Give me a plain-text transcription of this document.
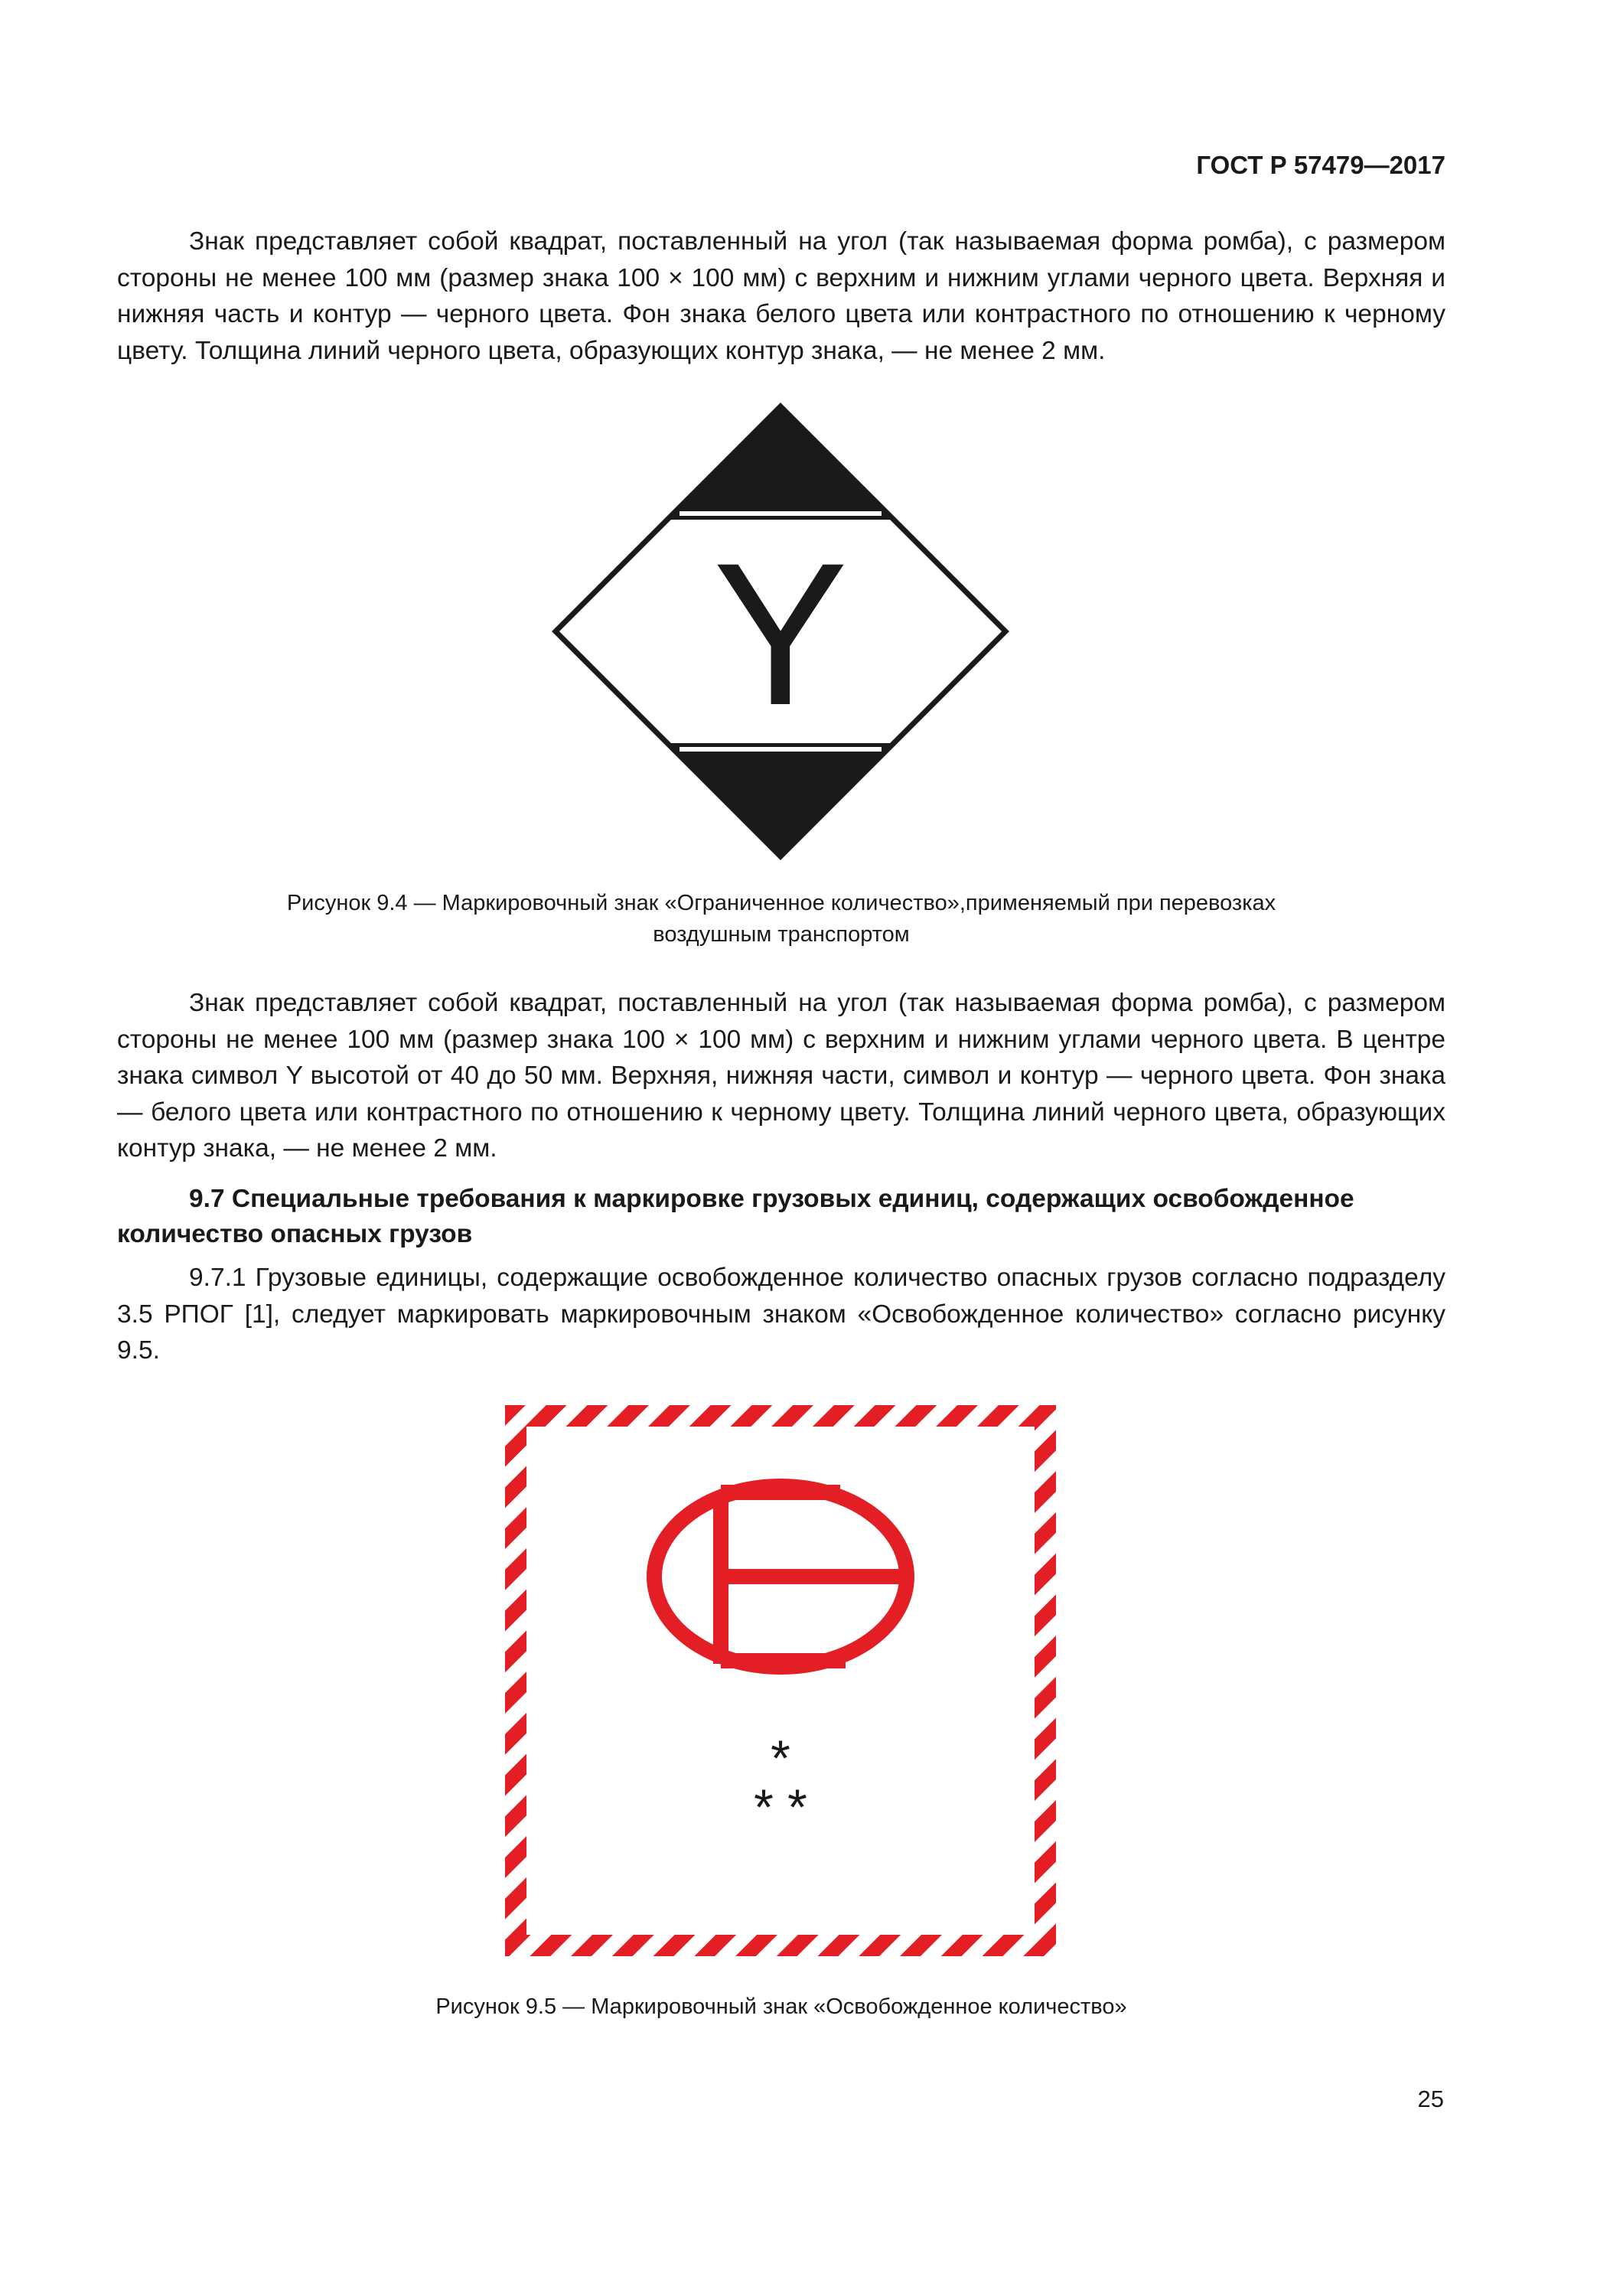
ГОСТ Р 57479—2017

Знак представляет собой квадрат, поставленный на угол (так называемая форма ромба), с размером стороны не менее 100 мм (размер знака 100 × 100 мм) с верхним и нижним углами черного цвета. Верхняя и нижняя часть и контур — черного цвета. Фон знака белого цвета или контрастного по отношению к черному цвету. Толщина линий черного цвета, образующих контур знака, — не менее 2 мм.

Y

Рисунок 9.4 — Маркировочный знак «Ограниченное количество»,применяемый при перевозках
воздушным транспортом

Знак представляет собой квадрат, поставленный на угол (так называемая форма ромба), с размером стороны не менее 100 мм (размер знака 100 × 100 мм) с верхним и нижним углами черного цвета. В центре знака символ Y высотой от 40 до 50 мм. Верхняя, нижняя части, символ и контур — черного цвета. Фон знака — белого цвета или контрастного по отношению к черному цвету. Толщина линий черного цвета, образующих контур знака, — не менее 2 мм.

9.7 Специальные требования к маркировке грузовых единиц, содержащих освобожденное количество опасных грузов

9.7.1 Грузовые единицы, содержащие освобожденное количество опасных грузов согласно подразделу 3.5 РПОГ [1], следует маркировать маркировочным знаком «Освобожденное количество» согласно рисунку 9.5.

*
* *

Рисунок 9.5 — Маркировочный знак «Освобожденное количество»

25
